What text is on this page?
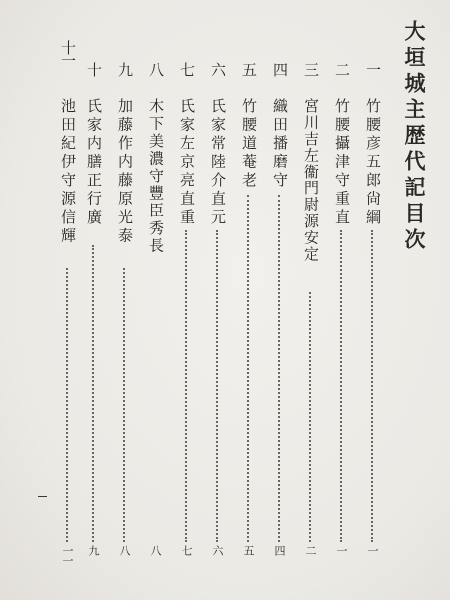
大垣城主歴代記目次
一
竹腰彦五郎尙綱
一
二
竹腰攝津守重直
一
三
宮川吉左衞門尉源安定
二
四
織田播磨守
四
五
竹腰道菴老
五
六
氏家常陸介直元
六
七
氏家左京亮直重
七
八
木下美濃守豐臣秀長
八
九
加藤作内藤原光泰
八
十
氏家内膳正行廣
九
十一
池田紀伊守源信輝
一一
